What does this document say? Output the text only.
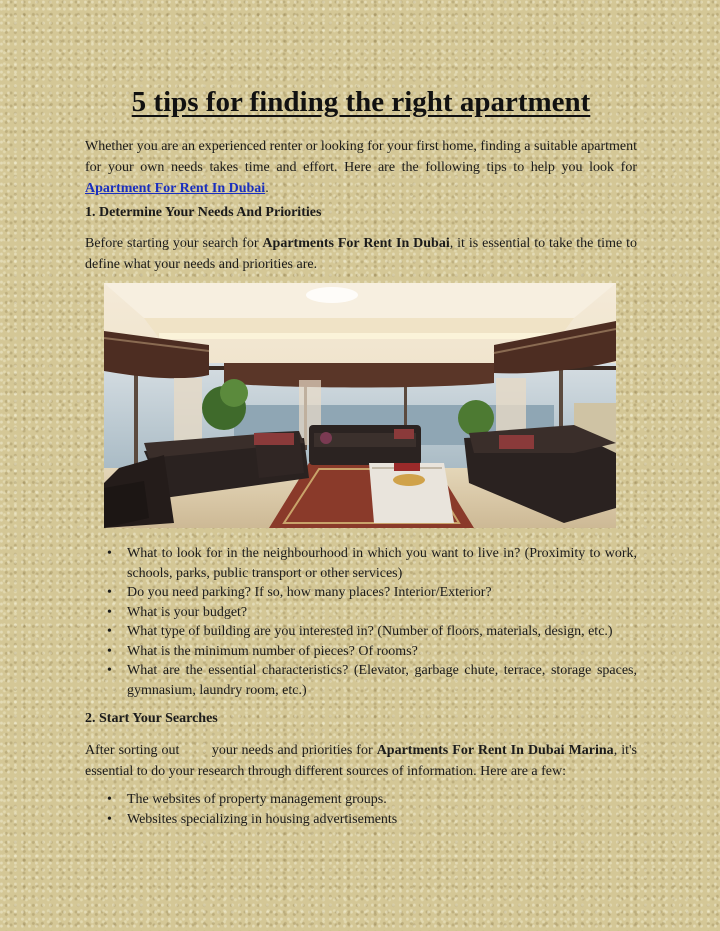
5 tips for finding the right apartment

Whether you are an experienced renter or looking for your first home, finding a suitable apartment for your own needs takes time and effort. Here are the following tips to help you look for Apartment For Rent In Dubai.

1. Determine Your Needs And Priorities

Before starting your search for Apartments For Rent In Dubai, it is essential to take the time to define what your needs and priorities are.

• What to look for in the neighbourhood in which you want to live in? (Proximity to work, schools, parks, public transport or other services)
• Do you need parking? If so, how many places? Interior/Exterior?
• What is your budget?
• What type of building are you interested in? (Number of floors, materials, design, etc.)
• What is the minimum number of pieces? Of rooms?
• What are the essential characteristics? (Elevator, garbage chute, terrace, storage spaces, gymnasium, laundry room, etc.)

2. Start Your Searches

After sorting out        your needs and priorities for Apartments For Rent In Dubai Marina, it's essential to do your research through different sources of information. Here are a few:

• The websites of property management groups.
• Websites specializing in housing advertisements
